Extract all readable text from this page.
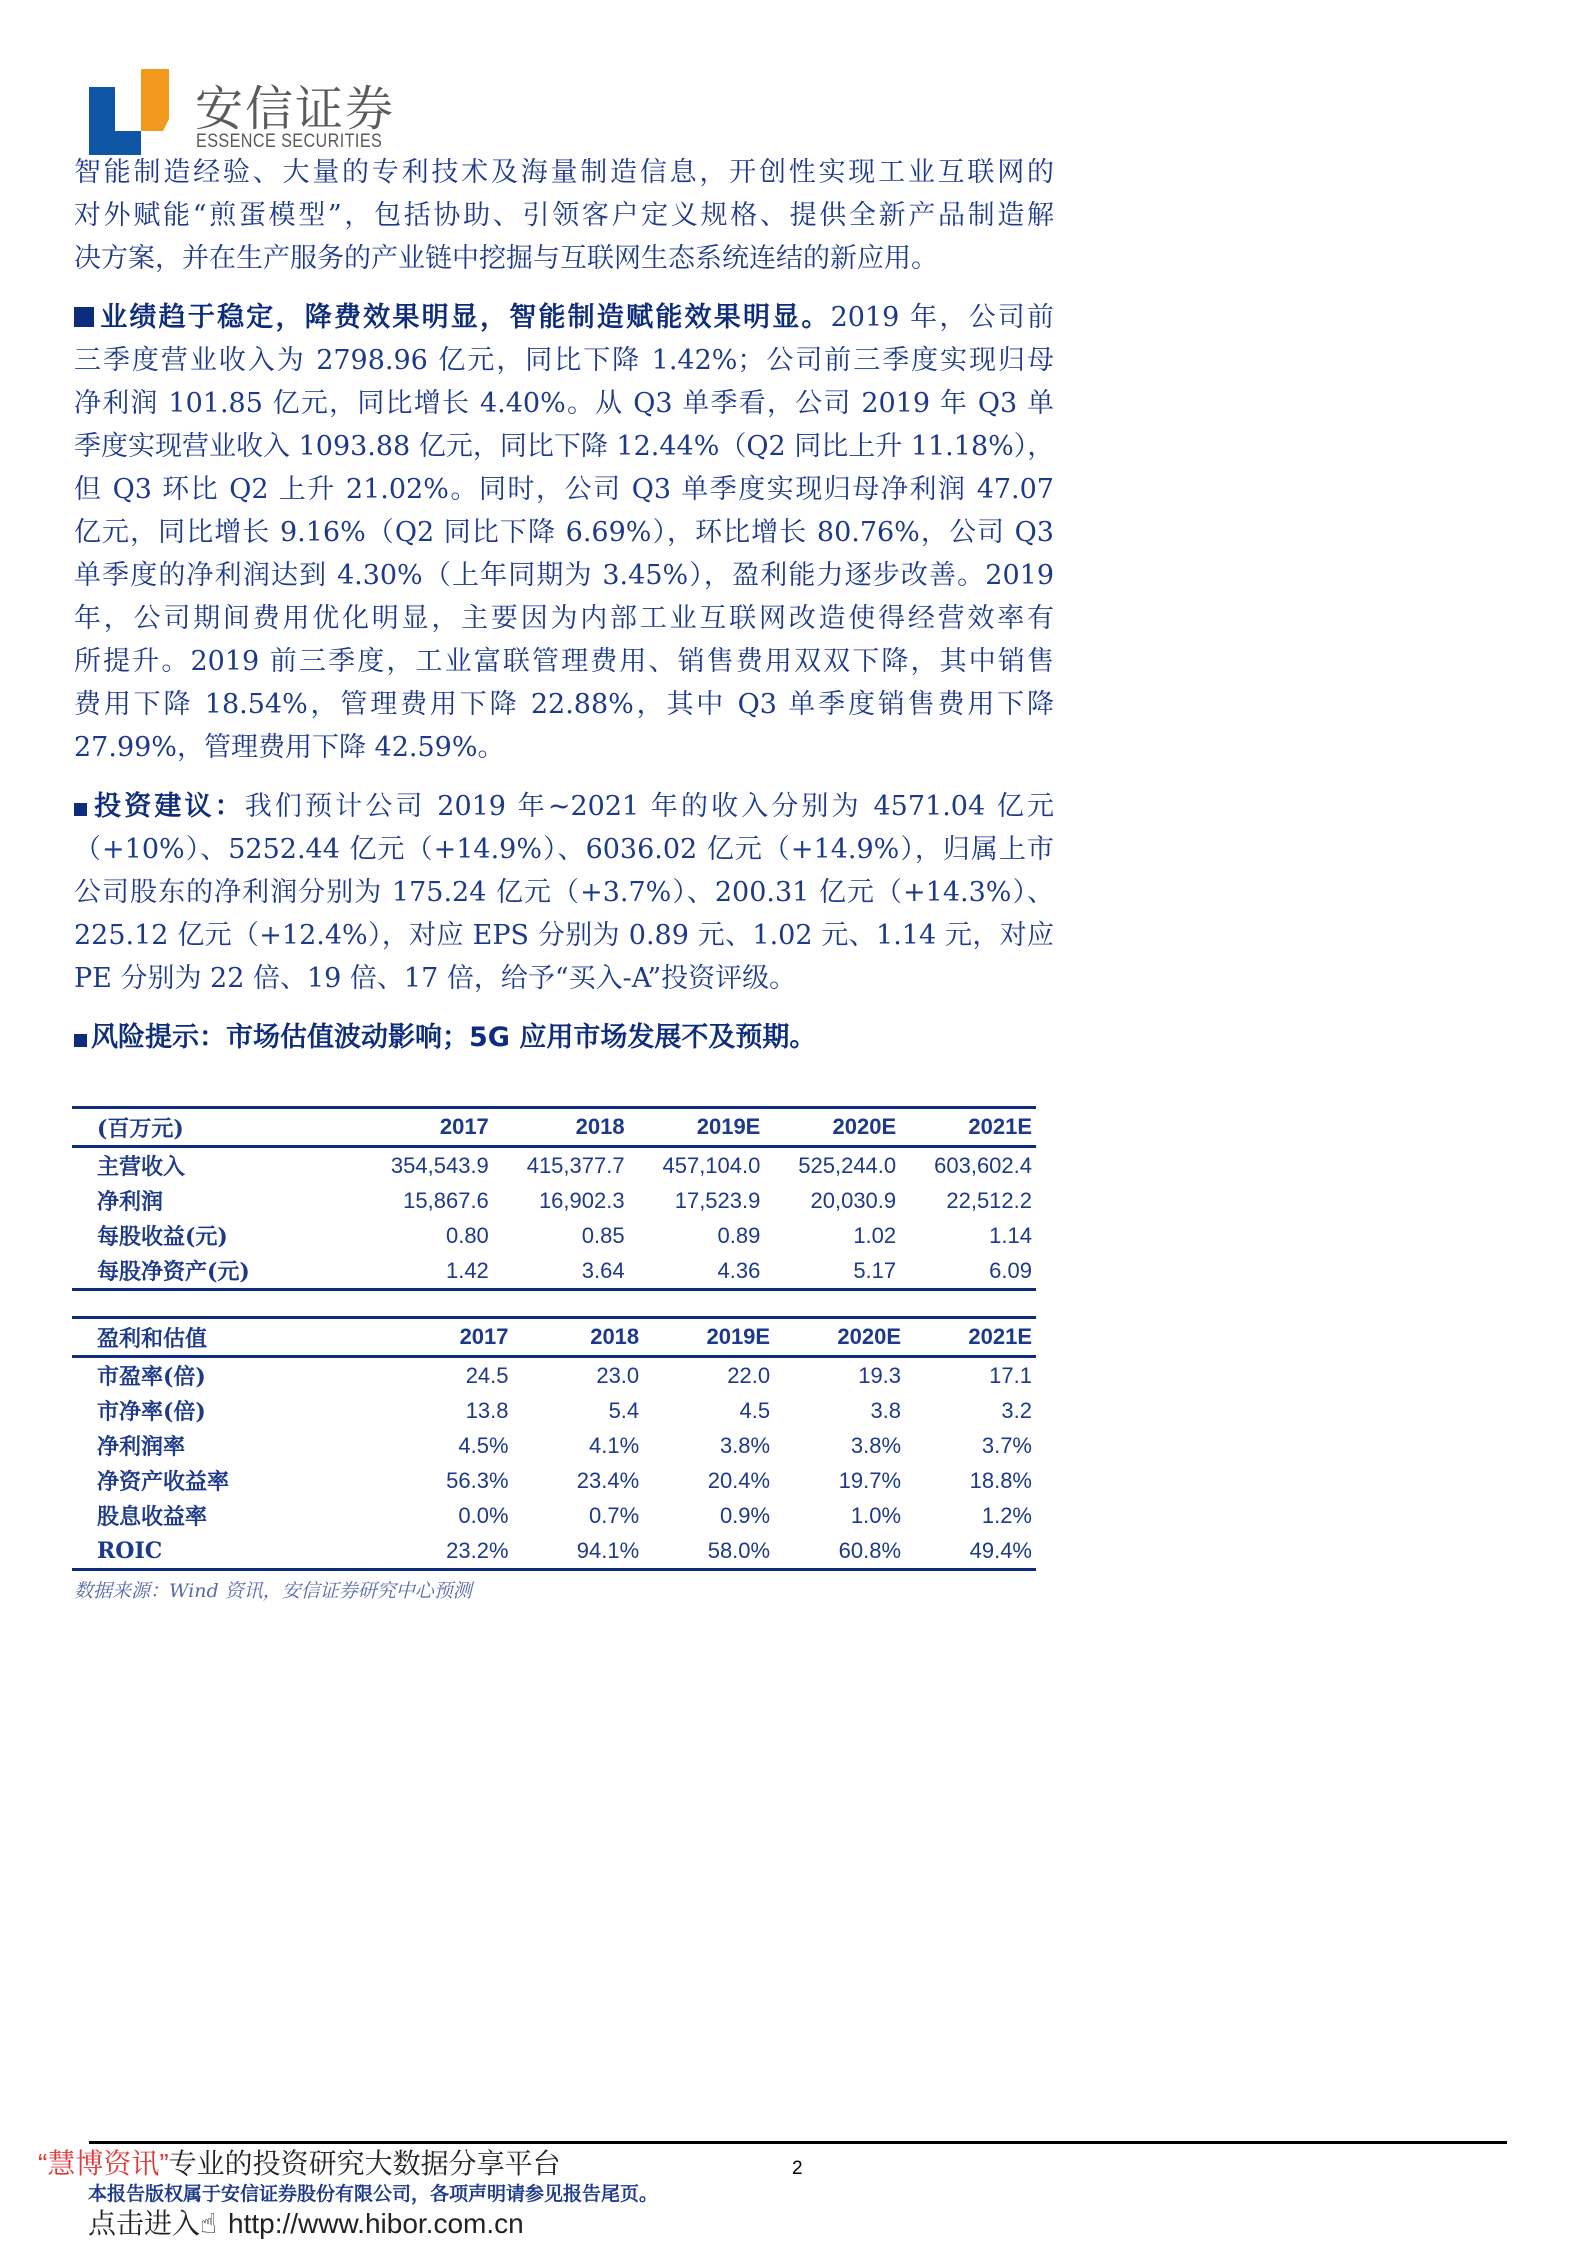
安信证券
ESSENCE SECURITIES
智能制造经验、大量的专利技术及海量制造信息，开创性实现工业互联网的
对外赋能“煎蛋模型”，包括协助、引领客户定义规格、提供全新产品制造解
决方案，并在生产服务的产业链中挖掘与互联网生态系统连结的新应用。
业绩趋于稳定，降费效果明显，智能制造赋能效果明显。2019 年，公司前
三季度营业收入为 2798.96 亿元，同比下降 1.42%；公司前三季度实现归母
净利润 101.85 亿元，同比增长 4.40%。从 Q3 单季看，公司 2019 年 Q3 单
季度实现营业收入 1093.88 亿元，同比下降 12.44%（Q2 同比上升 11.18%），
但 Q3 环比 Q2 上升 21.02%。同时，公司 Q3 单季度实现归母净利润 47.07
亿元，同比增长 9.16%（Q2 同比下降 6.69%），环比增长 80.76%，公司 Q3
单季度的净利润达到 4.30%（上年同期为 3.45%），盈利能力逐步改善。2019
年，公司期间费用优化明显，主要因为内部工业互联网改造使得经营效率有
所提升。2019 前三季度，工业富联管理费用、销售费用双双下降，其中销售
费用下降 18.54%，管理费用下降 22.88%，其中 Q3 单季度销售费用下降
27.99%，管理费用下降 42.59%。
投资建议：我们预计公司 2019 年~2021 年的收入分别为 4571.04 亿元
（+10%）、5252.44 亿元（+14.9%）、6036.02 亿元（+14.9%），归属上市
公司股东的净利润分别为 175.24 亿元（+3.7%）、200.31 亿元（+14.3%）、
225.12 亿元（+12.4%），对应 EPS 分别为 0.89 元、1.02 元、1.14 元，对应
PE 分别为 22 倍、19 倍、17 倍，给予“买入-A”投资评级。
风险提示：市场估值波动影响；5G 应用市场发展不及预期。
(百万元)	2017	2018	2019E	2020E	2021E
主营收入	354,543.9	415,377.7	457,104.0	525,244.0	603,602.4
净利润	15,867.6	16,902.3	17,523.9	20,030.9	22,512.2
每股收益(元)	0.80	0.85	0.89	1.02	1.14
每股净资产(元)	1.42	3.64	4.36	5.17	6.09
盈利和估值	2017	2018	2019E	2020E	2021E
市盈率(倍)	24.5	23.0	22.0	19.3	17.1
市净率(倍)	13.8	5.4	4.5	3.8	3.2
净利润率	4.5%	4.1%	3.8%	3.8%	3.7%
净资产收益率	56.3%	23.4%	20.4%	19.7%	18.8%
股息收益率	0.0%	0.7%	0.9%	1.0%	1.2%
ROIC	23.2%	94.1%	58.0%	60.8%	49.4%
数据来源：Wind 资讯，安信证券研究中心预测
2
“慧博资讯”专业的投资研究大数据分享平台
本报告版权属于安信证券股份有限公司，各项声明请参见报告尾页。
点击进入☝ http://www.hibor.com.cn
